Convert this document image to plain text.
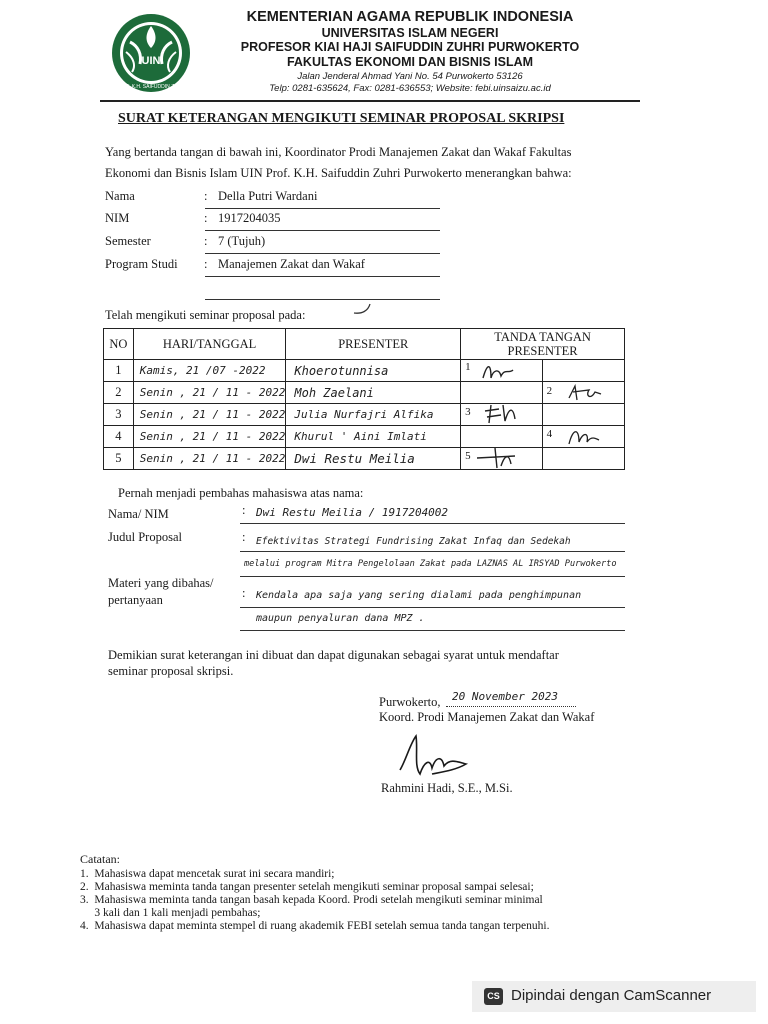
UIN
PROF. K.H. SAIFUDDIN ZUHRI
KEMENTERIAN AGAMA REPUBLIK INDONESIA
UNIVERSITAS ISLAM NEGERI
PROFESOR KIAI HAJI SAIFUDDIN ZUHRI PURWOKERTO
FAKULTAS EKONOMI DAN BISNIS ISLAM
Jalan Jenderal Ahmad Yani No. 54 Purwokerto 53126
Telp: 0281-635624, Fax: 0281-636553; Website: febi.uinsaizu.ac.id
SURAT KETERANGAN MENGIKUTI SEMINAR PROPOSAL SKRIPSI
Yang bertanda tangan di bawah ini, Koordinator Prodi Manajemen Zakat dan Wakaf Fakultas
Ekonomi dan Bisnis Islam UIN Prof. K.H. Saifuddin Zuhri Purwokerto menerangkan bahwa:
Nama	: Della Putri Wardani
NIM	: 1917204035
Semester	: 7 (Tujuh)
Program Studi : Manajemen Zakat dan Wakaf
Telah mengikuti seminar proposal pada:
NO	HARI/TANGGAL	PRESENTER	TANDA TANGAN PRESENTER	
1	Kamis, 21 /07 -2022	Khoerotunnisa	1	

2	Senin , 21 / 11 - 2022	Moh Zaelani		2

3	Senin , 21 / 11 - 2022	Julia Nurfajri Alfika	3	

4	Senin , 21 / 11 - 2022	Khurul ' Aini Imlati		4

5	Senin , 21 / 11 - 2022	Dwi Restu Meilia	5	

Pernah menjadi pembahas mahasiswa atas nama:
Nama/ NIM	: Dwi Restu Meilia / 1917204002
Judul Proposal	: Efektivitas Strategi Fundrising Zakat Infaq dan Sedekah
melalui program Mitra Pengelolaan Zakat pada LAZNAS AL IRSYAD Purwokerto
Materi yang dibahas/
pertanyaan	: Kendala apa saja yang sering dialami pada penghimpunan
maupun penyaluran dana MPZ .
Demikian surat keterangan ini dibuat dan dapat digunakan sebagai syarat untuk mendaftar
seminar proposal skripsi.
Purwokerto, 20 November 2023
Koord. Prodi Manajemen Zakat dan Wakaf
Rahmini Hadi, S.E., M.Si.
Catatan:
1.  Mahasiswa dapat mencetak surat ini secara mandiri;
2.  Mahasiswa meminta tanda tangan presenter setelah mengikuti seminar proposal sampai selesai;
3.  Mahasiswa meminta tanda tangan basah kepada Koord. Prodi setelah mengikuti seminar minimal
3 kali dan 1 kali menjadi pembahas;
4.  Mahasiswa dapat meminta stempel di ruang akademik FEBI setelah semua tanda tangan terpenuhi.
CS Dipindai dengan CamScanner
